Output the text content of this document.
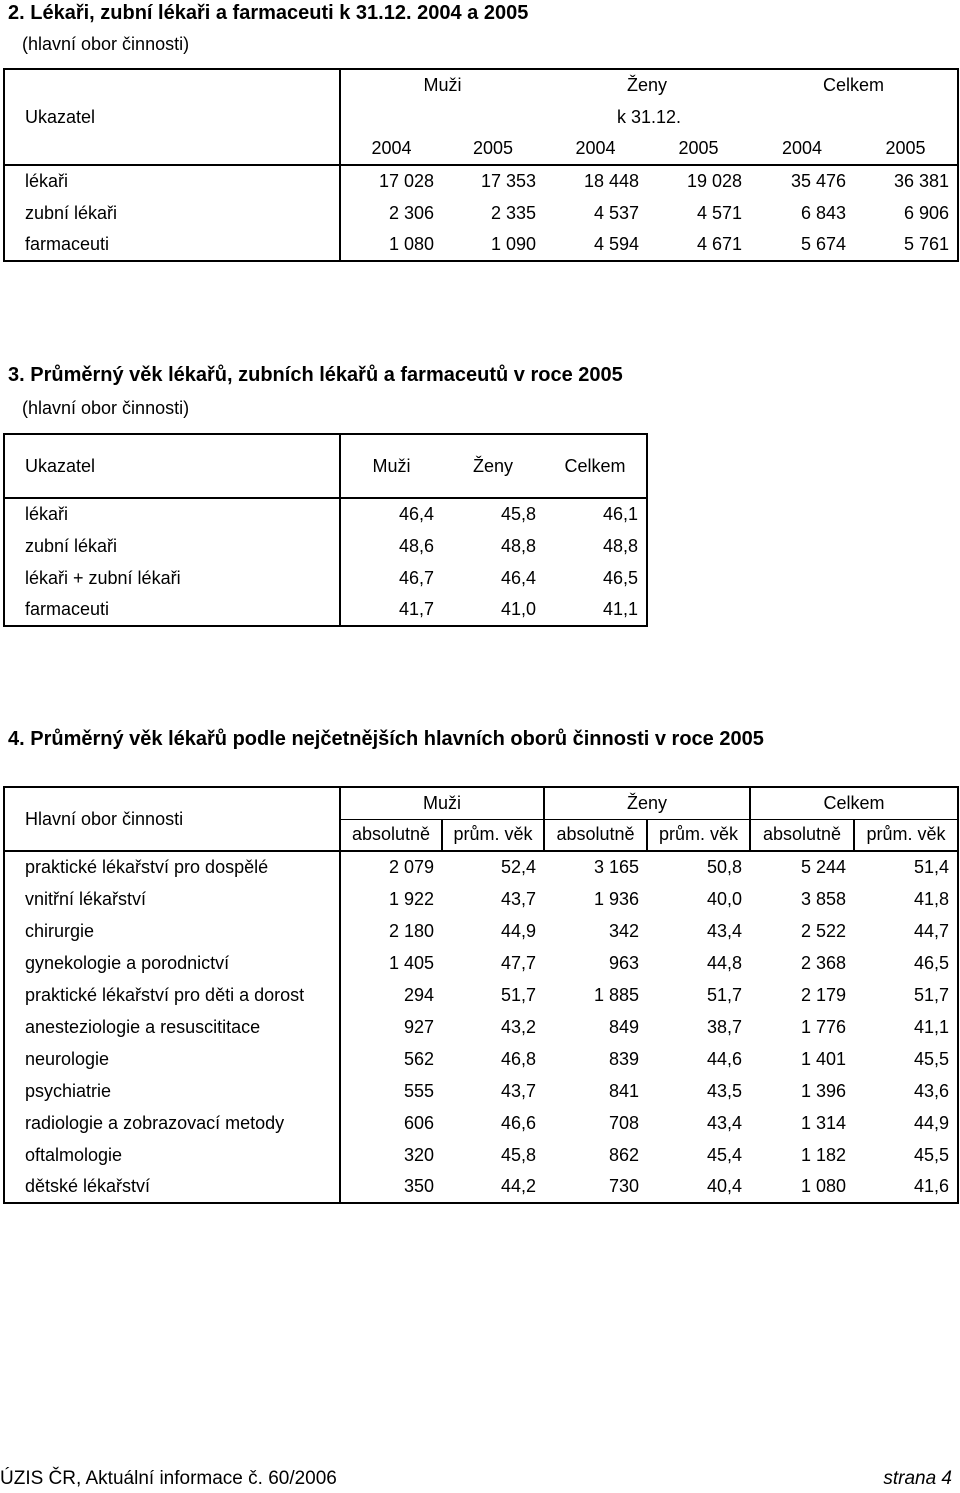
2. Lékaři, zubní lékaři a farmaceuti k 31.12. 2004 a 2005
(hlavní obor činnosti)
	Muži		Ženy		Celkem	
Ukazatel	k 31.12.					
	2004	2005	2004	2005	2004	2005
lékaři	17 028	17 353	18 448	19 028	35 476	36 381
zubní lékaři	2 306	2 335	4 537	4 571	6 843	6 906
farmaceuti	1 080	1 090	4 594	4 671	5 674	5 761
3. Průměrný věk lékařů, zubních lékařů a farmaceutů v roce 2005
(hlavní obor činnosti)
Ukazatel	Muži	Ženy	Celkem
lékaři	46,4	45,8	46,1
zubní lékaři	48,6	48,8	48,8
lékaři + zubní lékaři	46,7	46,4	46,5
farmaceuti	41,7	41,0	41,1
4. Průměrný věk lékařů podle nejčetnějších hlavních oborů činnosti v roce 2005
Hlavní obor činnosti	Muži		Ženy		Celkem	
	absolutně	prům. věk	absolutně	prům. věk	absolutně	prům. věk
praktické lékařství pro dospělé	2 079	52,4	3 165	50,8	5 244	51,4
vnitřní lékařství	1 922	43,7	1 936	40,0	3 858	41,8
chirurgie	2 180	44,9	342	43,4	2 522	44,7
gynekologie a porodnictví	1 405	47,7	963	44,8	2 368	46,5
praktické lékařství pro děti a dorost	294	51,7	1 885	51,7	2 179	51,7
anesteziologie a resuscititace	927	43,2	849	38,7	1 776	41,1
neurologie	562	46,8	839	44,6	1 401	45,5
psychiatrie	555	43,7	841	43,5	1 396	43,6
radiologie a zobrazovací metody	606	46,6	708	43,4	1 314	44,9
oftalmologie	320	45,8	862	45,4	1 182	45,5
dětské lékařství	350	44,2	730	40,4	1 080	41,6
ÚZIS ČR, Aktuální informace č. 60/2006	strana 4
